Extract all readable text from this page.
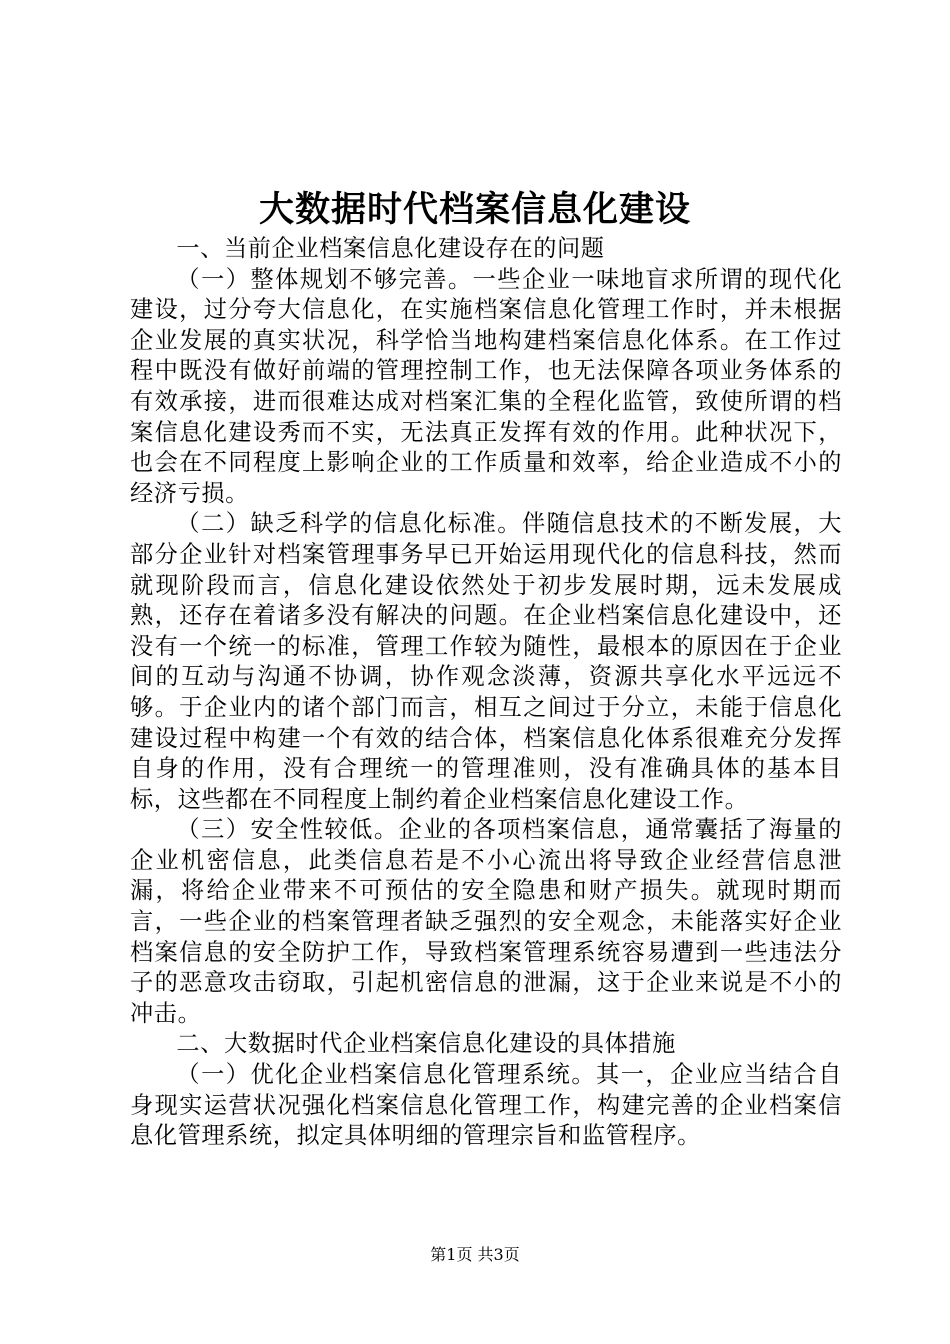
大数据时代档案信息化建设

一、当前企业档案信息化建设存在的问题

（一）整体规划不够完善。一些企业一味地盲求所谓的现代化建设，过分夸大信息化，在实施档案信息化管理工作时，并未根据企业发展的真实状况，科学恰当地构建档案信息化体系。在工作过程中既没有做好前端的管理控制工作，也无法保障各项业务体系的有效承接，进而很难达成对档案汇集的全程化监管，致使所谓的档案信息化建设秀而不实，无法真正发挥有效的作用。此种状况下，也会在不同程度上影响企业的工作质量和效率，给企业造成不小的经济亏损。

（二）缺乏科学的信息化标准。伴随信息技术的不断发展，大部分企业针对档案管理事务早已开始运用现代化的信息科技，然而就现阶段而言，信息化建设依然处于初步发展时期，远未发展成熟，还存在着诸多没有解决的问题。在企业档案信息化建设中，还没有一个统一的标准，管理工作较为随性，最根本的原因在于企业间的互动与沟通不协调，协作观念淡薄，资源共享化水平远远不够。于企业内的诸个部门而言，相互之间过于分立，未能于信息化建设过程中构建一个有效的结合体，档案信息化体系很难充分发挥自身的作用，没有合理统一的管理准则，没有准确具体的基本目标，这些都在不同程度上制约着企业档案信息化建设工作。

（三）安全性较低。企业的各项档案信息，通常囊括了海量的企业机密信息，此类信息若是不小心流出将导致企业经营信息泄漏，将给企业带来不可预估的安全隐患和财产损失。就现时期而言，一些企业的档案管理者缺乏强烈的安全观念，未能落实好企业档案信息的安全防护工作，导致档案管理系统容易遭到一些违法分子的恶意攻击窃取，引起机密信息的泄漏，这于企业来说是不小的冲击。

二、大数据时代企业档案信息化建设的具体措施

（一）优化企业档案信息化管理系统。其一，企业应当结合自身现实运营状况强化档案信息化管理工作，构建完善的企业档案信息化管理系统，拟定具体明细的管理宗旨和监管程序。

第1页 共3页
